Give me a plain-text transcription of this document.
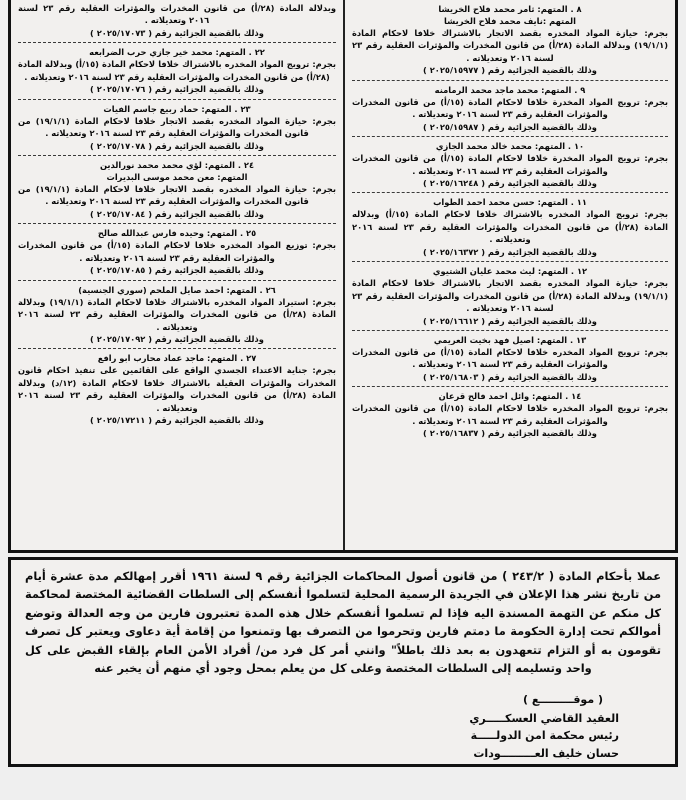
٨ . المتهم: ثامر محمد فلاح الخريشا

المتهم :نايف محمد فلاح الخريشا

بجرم: حيازة المواد المخدره بقصد الاتجار بالاشتراك خلافا لاحكام المادة (١٩/١/١) وبدلالة المادة (٢٨/أ) من قانون المخدرات والمؤثرات العقلية رقم ٢٣ لسنة ٢٠١٦ وتعديلاته .

وذلك بالقضية الجزائية رقم ( ٢٠٢٥/١٥٩٧٧ )

٩ . المتهم: محمد ماجد محمد الرمامنه

بجرم: ترويج المواد المخدرة خلافا لاحكام المادة (١٥/أ) من قانون المخدرات والمؤثرات العقلية رقم ٢٣ لسنة ٢٠١٦ وتعديلاته .

وذلك بالقضية الجزائية رقم ( ٢٠٢٥/١٥٩٨٧ )

١٠ . المتهم: محمد خالد محمد الجازي

بجرم: ترويج المواد المخدرة خلافا لاحكام المادة (١٥/أ) من قانون المخدرات والمؤثرات العقلية رقم ٢٣ لسنة ٢٠١٦ وتعديلاته .

وذلك بالقضية الجزائية رقم ( ٢٠٢٥/١٦٢٤٨ )

١١ . المتهم: حسن محمد احمد الطواب

بجرم: ترويج المواد المخدره بالاشتراك خلافا لاحكام المادة (١٥/أ) وبدلاله المادة (٢٨/أ) من قانون المخدرات والمؤثرات العقلية رقم ٢٣ لسنة ٢٠١٦ وتعديلاته .

وذلك بالقضية الجزائية رقم ( ٢٠٢٥/١٦٣٧٢ )

١٢ . المتهم: ليث محمد عليان الشتيوي

بجرم: حيازة المواد المخدره بقصد الاتجار بالاشتراك خلافا لاحكام المادة (١٩/١/١) وبدلالة المادة (٢٨/أ) من قانون المخدرات والمؤثرات العقلية رقم ٢٣ لسنة ٢٠١٦ وتعديلاته .

وذلك بالقضية الجزائية رقم ( ٢٠٢٥/١٦٦١٢ )

١٣ . المتهم: اصيل فهد بخيت العريمي

بجرم: ترويج المواد المخدره خلافا لاحكام المادة (١٥/أ) من قانون المخدرات والمؤثرات العقلية رقم ٢٣ لسنة ٢٠١٦ وتعديلاته .

وذلك بالقضية الجزائية رقم ( ٢٠٢٥/١٦٨٠٣ )

١٤ . المتهم: وائل احمد فالح قرعان

بجرم: ترويج المواد المخدره خلافا لاحكام المادة (١٥/أ) من قانون المخدرات والمؤثرات العقلية رقم ٢٣ لسنة ٢٠١٦ وتعديلاته .

وذلك بالقضية الجزائية رقم ( ٢٠٢٥/١٦٨٣٧ )

وبدلالة المادة (٢٨/أ) من قانون المخدرات والمؤثرات العقلية رقم ٢٣ لسنة ٢٠١٦ وتعديلاته .

وذلك بالقضية الجزائية رقم ( ٢٠٢٥/١٧٠٧٣ )

٢٢ . المتهم: محمد خير جازي حرب الضرابعه

بجرم: ترويج المواد المخدره بالاشتراك خلافا لاحكام المادة (١٥/أ) وبدلالة المادة (٢٨/أ) من قانون المخدرات والمؤثرات العقلية رقم ٢٣ لسنة ٢٠١٦ وتعديلاته .

وذلك بالقضية الجزائية رقم ( ٢٠٢٥/١٧٠٧٦ )

٢٣ . المتهم: حماد ربيع جاسم الفيات

بجرم: حيازة المواد المخدره بقصد الاتجار خلافا لاحكام المادة (١٩/١/١) من قانون المخدرات والمؤثرات العقلية رقم ٢٣ لسنة ٢٠١٦ وتعديلاته .

وذلك بالقضية الجزائية رقم ( ٢٠٢٥/١٧٠٧٨ )

٢٤ . المتهم: لؤي محمد محمد نورالدين

المتهم: معن محمد موسى البديرات

بجرم: حيازة المواد المخدره بقصد الاتجار خلافا لاحكام المادة (١٩/١/١) من قانون المخدرات والمؤثرات العقلية رقم ٢٣ لسنة ٢٠١٦ وتعديلاته .

وذلك بالقضية الجزائية رقم ( ٢٠٢٥/١٧٠٨٤ )

٢٥ . المتهم: وحيده فارس عبدالله صالح

بجرم: توزيع المواد المخدره خلافا لاحكام المادة (١٥/أ) من قانون المخدرات والمؤثرات العقلية رقم ٢٣ لسنة ٢٠١٦ وتعديلاته .

وذلك بالقضية الجزائية رقم ( ٢٠٢٥/١٧٠٨٥ )

٢٦ . المتهم: احمد صايل الملحم (سوري الجنسية)

بجرم: استيراد المواد المخدره بالاشتراك خلافا لاحكام المادة (١٩/١/١) وبدلالة المادة (٢٨/أ) من قانون المخدرات والمؤثرات العقلية رقم ٢٣ لسنة ٢٠١٦ وتعديلاته .

وذلك بالقضية الجزائية رقم ( ٢٠٢٥/١٧٠٩٢ )

٢٧ . المتهم: ماجد عماد محارب ابو رافع

بجرم: جناية الاعتداء الجسدي الواقع على القائمين على تنفيذ احكام قانون المخدرات والمؤثرات العقيلة بالاشتراك خلافا لاحكام المادة (١٢/د) وبدلالة المادة (٢٨/أ) من قانون المخدرات والمؤثرات العقلية رقم ٢٣ لسنة ٢٠١٦ وتعديلاته .

وذلك بالقضية الجزائية رقم ( ٢٠٢٥/١٧٢١١ )

عملا بأحكام المادة ( ٢٤٣/٢ ) من قانون أصول المحاكمات الجزائية رقم ٩ لسنة ١٩٦١ أقرر إمهالكم مدة عشرة أيام من تاريخ نشر هذا الإعلان في الجريدة الرسمية المحلية لتسلموا أنفسكم إلى السلطات القضائية المختصة لمحاكمة كل منكم عن التهمة المسندة اليه فإذا لم تسلموا أنفسكم خلال هذه المدة تعتبرون فارين من وجه العدالة وتوضع أموالكم تحت إدارة الحكومة ما دمتم فارين وتحرموا من التصرف بها وتمنعوا من إقامة أية دعاوى ويعتبر كل تصرف تقومون به أو التزام تتعهدون به بعد ذلك باطلاً" وانني أمر كل فرد من/ أفراد الأمن العام بإلقاء القبض على كل واحد وتسليمه إلى السلطات المختصة وعلى كل من يعلم بمحل وجود أي منهم أن يخبر عنه

( موقـــــــــع )

العقيد القاضي العسكـــــري

رئيس محكمة امن الدولـــــة

حسان خليف العـــــــــودات
